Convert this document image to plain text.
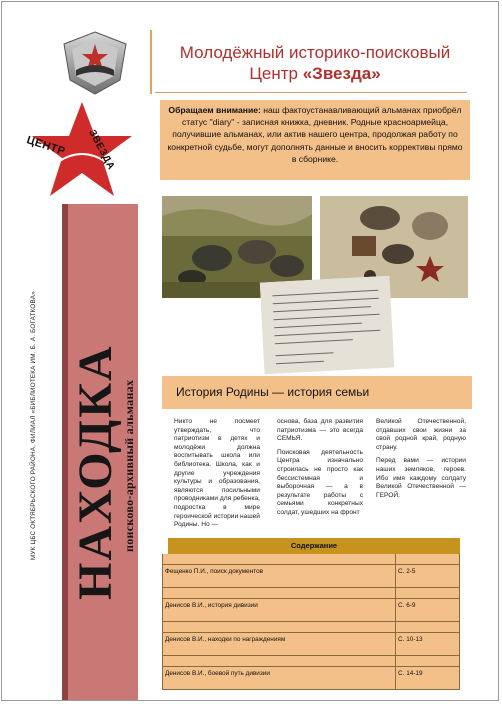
Молодёжный историко-поисковый
Центр «Звезда»
ЦЕНТР ЗВЕЗДА
Обращаем внимание: наш фактоустанавливающий альманах приобрёл статус "diary" - записная книжка, дневник. Родные красноармейца, получившие альманах, или актив нашего центра, продолжая работу по конкретной судьбе, могут дополнять данные и вносить коррективы прямо в сборнике.
МУК ЦБС ОКТЯБРЬСКОГО РАЙОНА, ФИЛИАЛ «БИБЛИОТЕКА ИМ. Б. А. БОГАТКОВА» НАХОДКА поисково-архивный альманах	История Родины — история семьи

Никто не посмеет утверждать, что патриотизм в детях и молодёжи должна воспитывать школа или библиотека. Школа, как и другие учреждения культуры и образования, являются посильными проводниками для ребенка, подростка в мире героической истории нашей Родины. Но —

основа, база для развития патриотизма — это всегда СЕМЬЯ.

Поисковая деятельность Центра изначально строилась не просто как бессистемная и выборочная — а в результате работы с семьями конкретных солдат, ушедших на фронт

Великой Отечественной, отдавших свои жизни за свой родной край, родную страну.

Перед вами — истории наших земляков, героев. Ибо имя каждому солдату Великой Отечественной — ГЕРОЙ.

Содержание

Фещенко П.И., поиск документов	С. 2-5

Денисов В.И., история дивизии	С. 6-9

Денисов В.И., находки по награждениям	С. 10-13

Денисов В.И., боевой путь дивизии	С. 14-19
